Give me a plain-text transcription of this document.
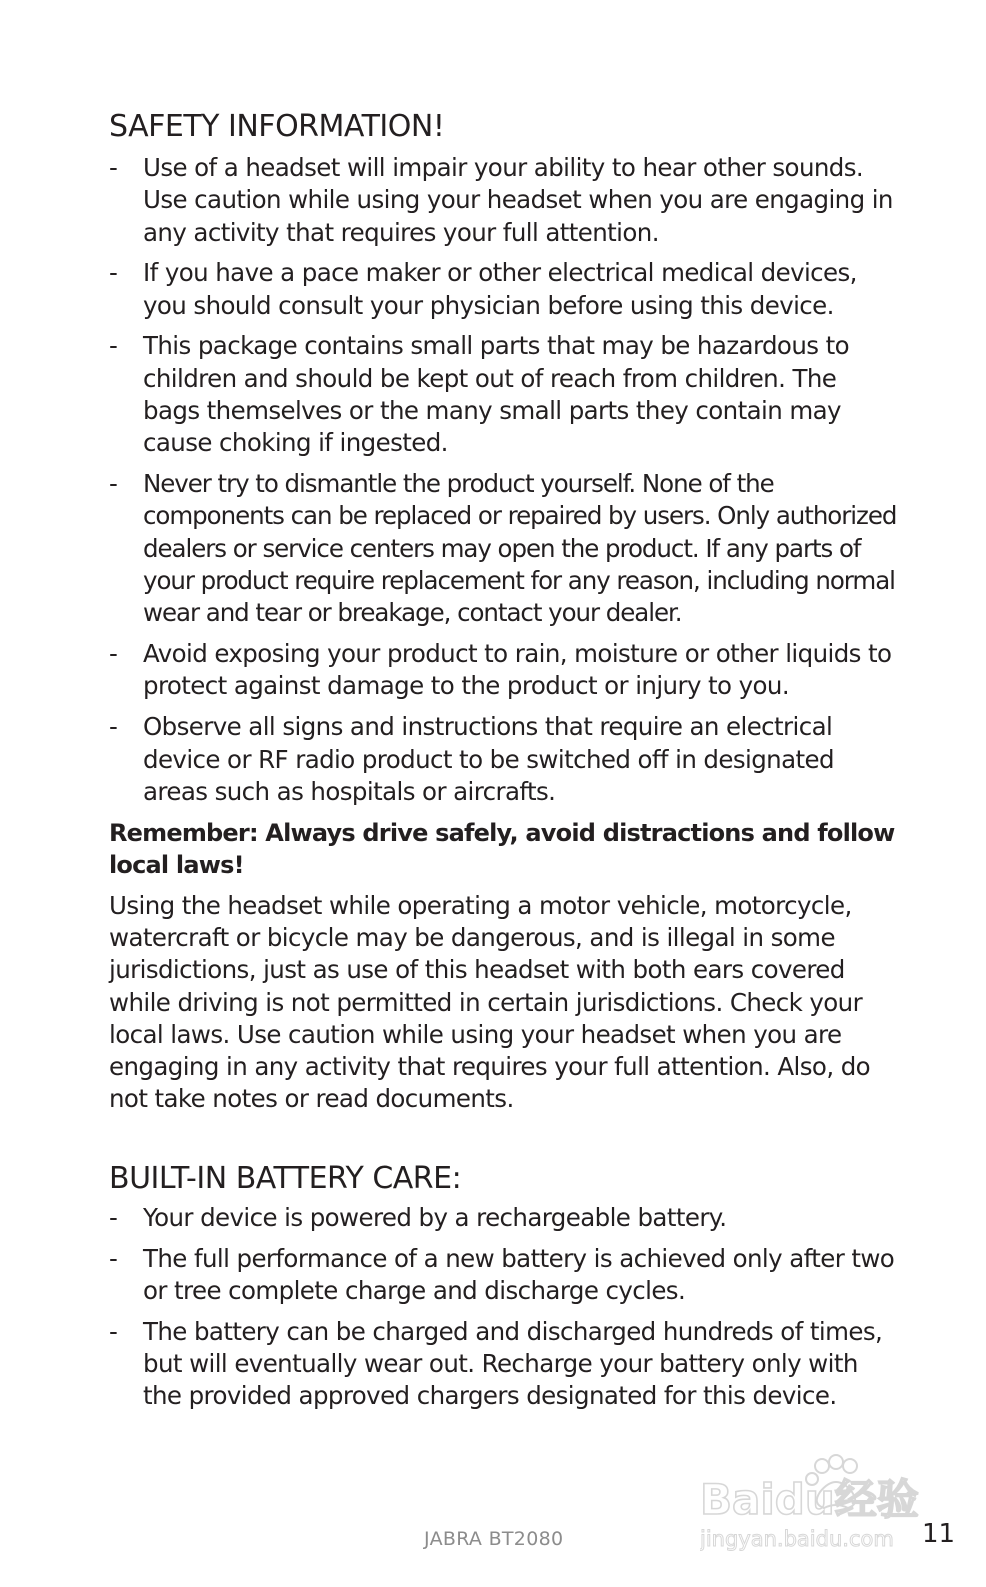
SAFETY INFORMATION!
- Use of a headset will impair your ability to hear other sounds. Use caution while using your headset when you are engaging in any activity that requires your full attention.
- If you have a pace maker or other electrical medical devices, you should consult your physician before using this device.
- This package contains small parts that may be hazardous to children and should be kept out of reach from children. The bags themselves or the many small parts they contain may cause choking if ingested.
- Never try to dismantle the product yourself. None of the components can be replaced or repaired by users. Only authorized dealers or service centers may open the product. If any parts of your product require replacement for any reason, including normal wear and tear or breakage, contact your dealer.
- Avoid exposing your product to rain, moisture or other liquids to protect against damage to the product or injury to you.
- Observe all signs and instructions that require an electrical device or RF radio product to be switched off in designated areas such as hospitals or aircrafts.

Remember: Always drive safely, avoid distractions and follow local laws!

Using the headset while operating a motor vehicle, motorcycle, watercraft or bicycle may be dangerous, and is illegal in some jurisdictions, just as use of this headset with both ears covered while driving is not permitted in certain jurisdictions. Check your local laws. Use caution while using your headset when you are engaging in any activity that requires your full attention. Also, do not take notes or read documents.

BUILT-IN BATTERY CARE:
- Your device is powered by a rechargeable battery.
- The full performance of a new battery is achieved only after two or tree complete charge and discharge cycles.
- The battery can be charged and discharged hundreds of times, but will eventually wear out. Recharge your battery only with the provided approved chargers designated for this device.
Baidu经验
jingyan.baidu.com
JABRA BT2080	11
